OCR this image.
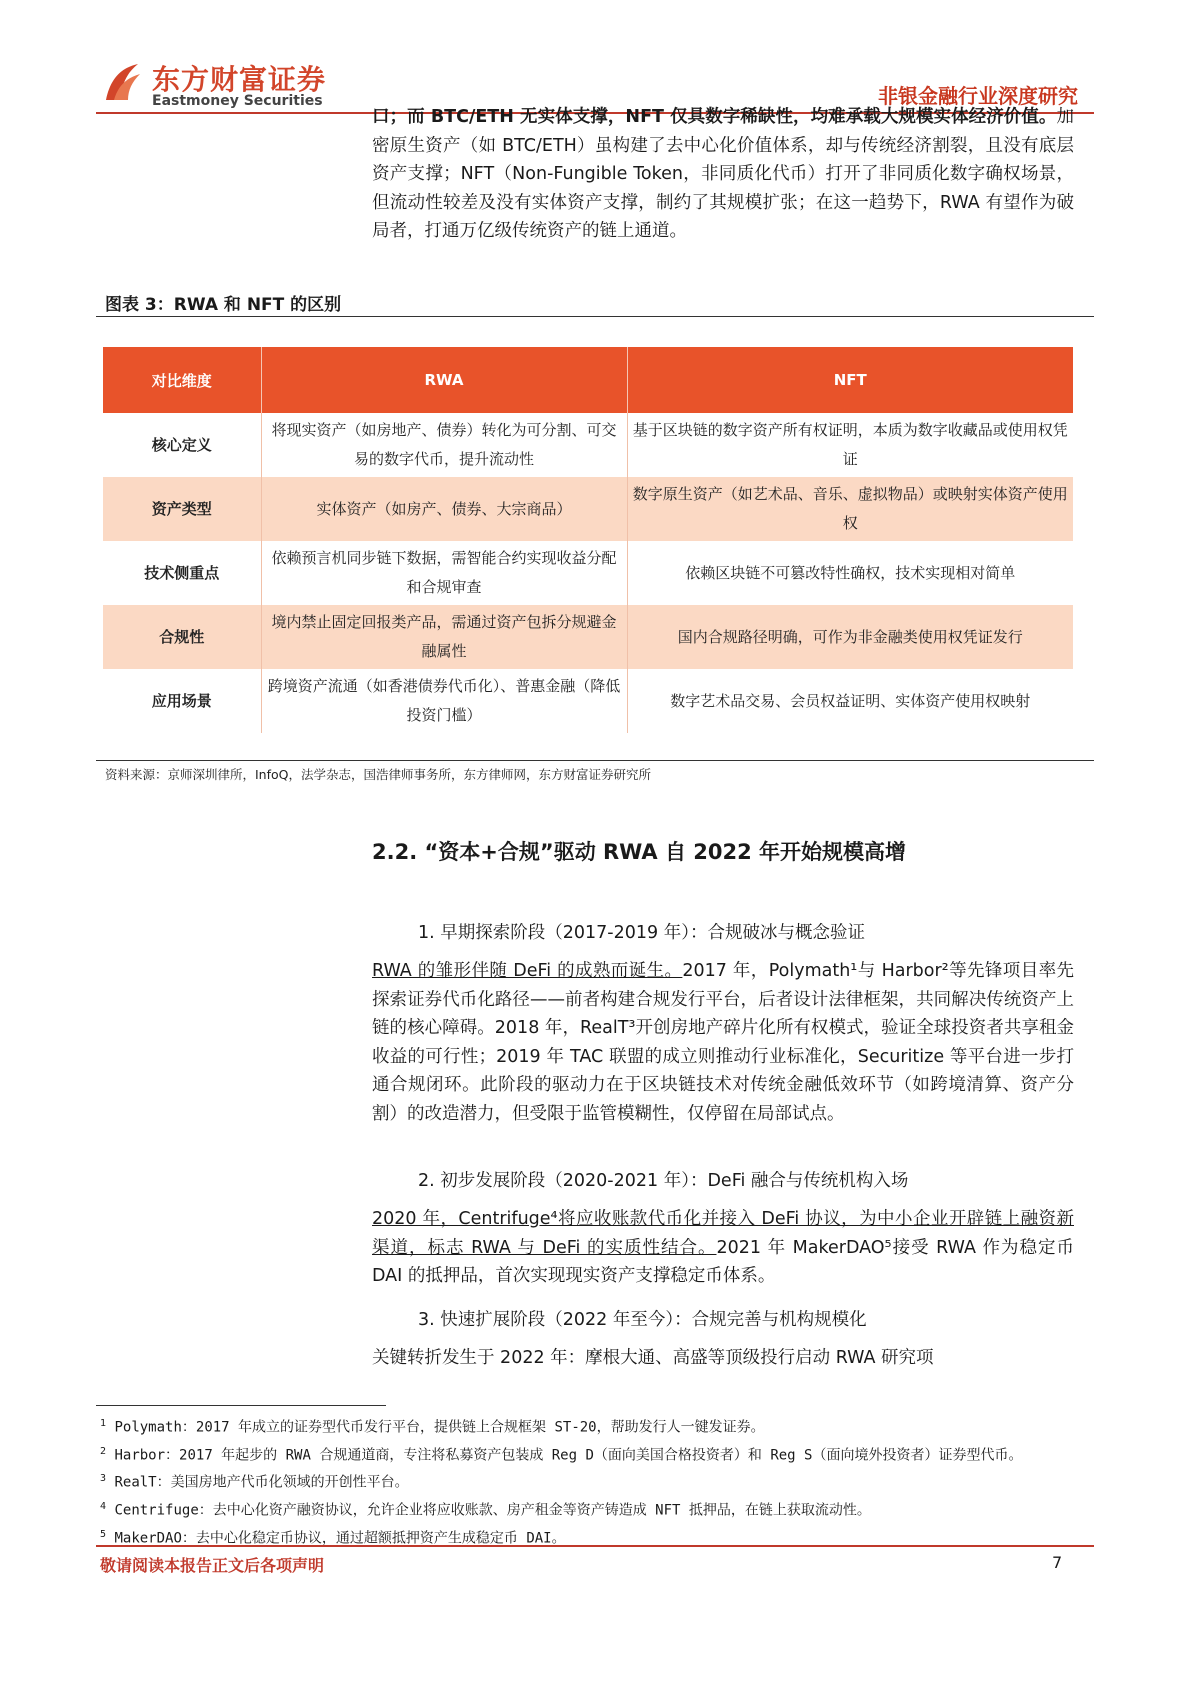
东方财富证券
Eastmoney Securities	非银金融行业深度研究
口；而 BTC/ETH 无实体支撑，NFT 仅具数字稀缺性，均难承载大规模实体经济价值。加密原生资产（如 BTC/ETH）虽构建了去中心化价值体系，却与传统经济割裂，且没有底层资产支撑；NFT（Non-Fungible Token，非同质化代币）打开了非同质化数字确权场景，但流动性较差及没有实体资产支撑，制约了其规模扩张；在这一趋势下，RWA 有望作为破局者，打通万亿级传统资产的链上通道。
图表 3：RWA 和 NFT 的区别
对比维度	RWA	NFT
核心定义	将现实资产（如房地产、债券）转化为可分割、可交易的数字代币，提升流动性	基于区块链的数字资产所有权证明，本质为数字收藏品或使用权凭证
资产类型	实体资产（如房产、债券、大宗商品）	数字原生资产（如艺术品、音乐、虚拟物品）或映射实体资产使用权
技术侧重点	依赖预言机同步链下数据，需智能合约实现收益分配和合规审查	依赖区块链不可篡改特性确权，技术实现相对简单
合规性	境内禁止固定回报类产品，需通过资产包拆分规避金融属性	国内合规路径明确，可作为非金融类使用权凭证发行
应用场景	跨境资产流通（如香港债券代币化）、普惠金融（降低投资门槛）	数字艺术品交易、会员权益证明、实体资产使用权映射
资料来源：京师深圳律所，InfoQ，法学杂志，国浩律师事务所，东方律师网，东方财富证券研究所
2.2. “资本+合规”驱动 RWA 自 2022 年开始规模高增
1. 早期探索阶段（2017-2019 年）：合规破冰与概念验证
RWA 的雏形伴随 DeFi 的成熟而诞生。2017 年，Polymath¹与 Harbor²等先锋项目率先探索证券代币化路径——前者构建合规发行平台，后者设计法律框架，共同解决传统资产上链的核心障碍。2018 年，RealT³开创房地产碎片化所有权模式，验证全球投资者共享租金收益的可行性；2019 年 TAC 联盟的成立则推动行业标准化，Securitize 等平台进一步打通合规闭环。此阶段的驱动力在于区块链技术对传统金融低效环节（如跨境清算、资产分割）的改造潜力，但受限于监管模糊性，仅停留在局部试点。
2. 初步发展阶段（2020-2021 年）：DeFi 融合与传统机构入场
2020 年，Centrifuge⁴将应收账款代币化并接入 DeFi 协议，为中小企业开辟链上融资新渠道，标志 RWA 与 DeFi 的实质性结合。2021 年 MakerDAO⁵接受 RWA 作为稳定币 DAI 的抵押品，首次实现现实资产支撑稳定币体系。
3. 快速扩展阶段（2022 年至今）：合规完善与机构规模化
关键转折发生于 2022 年：摩根大通、高盛等顶级投行启动 RWA 研究项
$^1$ Polymath：2017 年成立的证券型代币发行平台，提供链上合规框架 ST-20，帮助发行人一键发证券。
$^2$ Harbor：2017 年起步的 RWA 合规通道商，专注将私募资产包装成 Reg D（面向美国合格投资者）和 Reg S（面向境外投资者）证券型代币。
$^3$ RealT：美国房地产代币化领域的开创性平台。
$^4$ Centrifuge：去中心化资产融资协议，允许企业将应收账款、房产租金等资产铸造成 NFT 抵押品，在链上获取流动性。
$^5$ MakerDAO：去中心化稳定币协议，通过超额抵押资产生成稳定币 DAI。
敬请阅读本报告正文后各项声明	7
